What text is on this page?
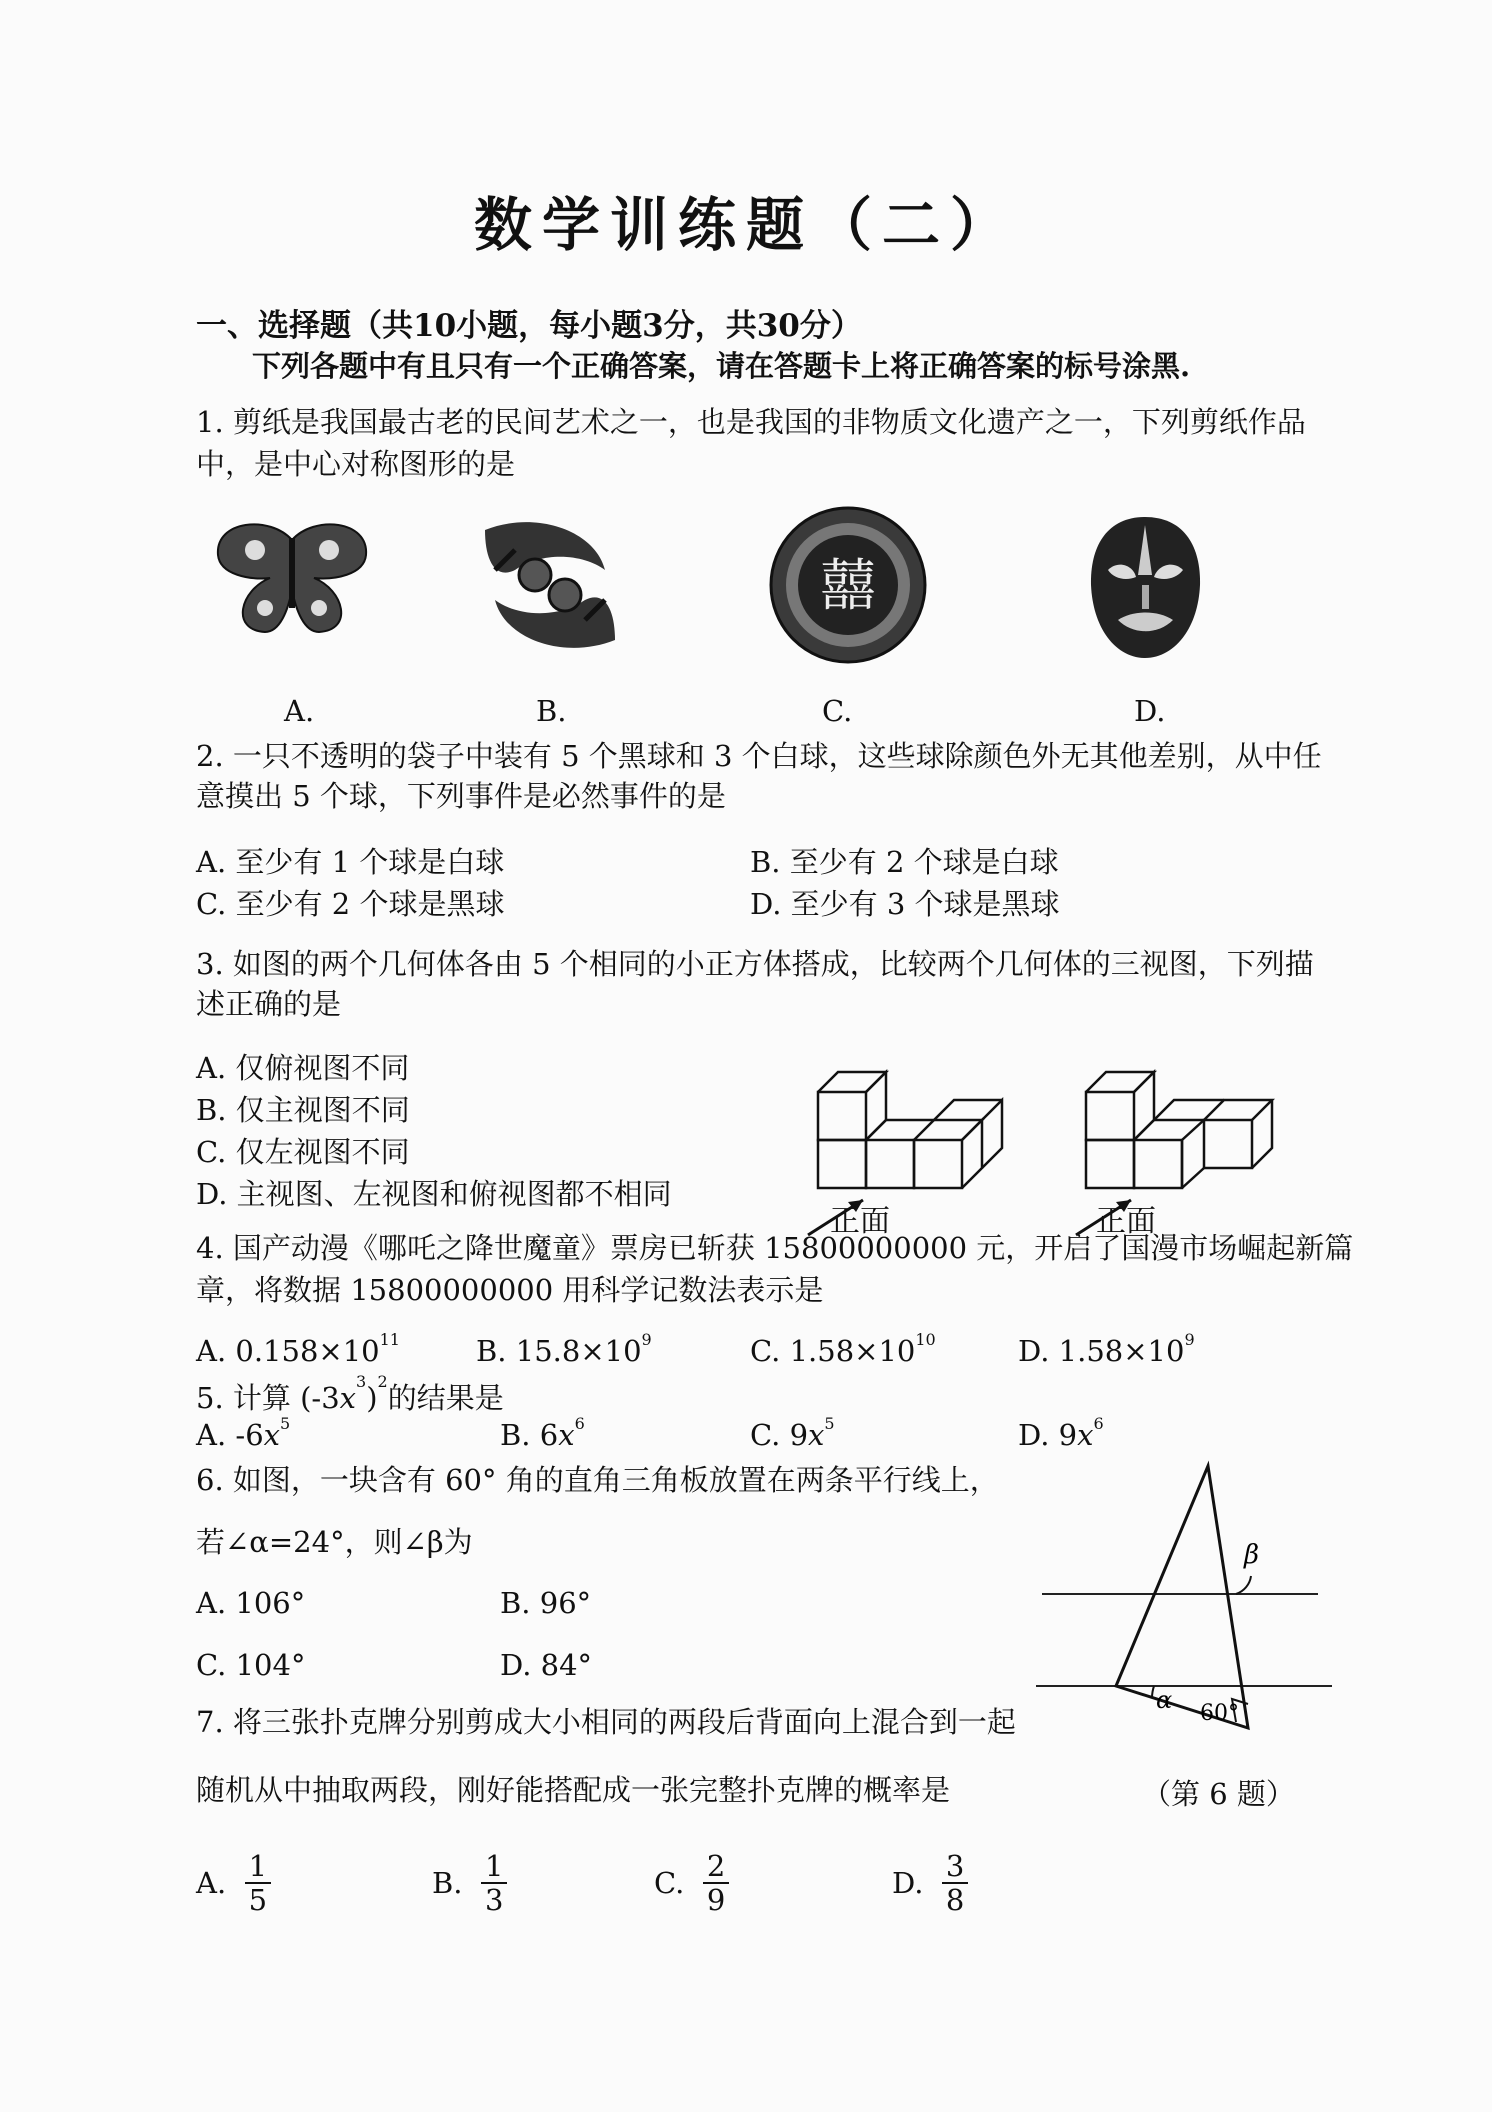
数学训练题（二）
一、选择题（共10小题，每小题3分，共30分）
下列各题中有且只有一个正确答案，请在答题卡上将正确答案的标号涂黑.
1. 剪纸是我国最古老的民间艺术之一，也是我国的非物质文化遗产之一，下列剪纸作品
中，是中心对称图形的是
囍
A.	B.	C.	D.
2. 一只不透明的袋子中装有 5 个黑球和 3 个白球，这些球除颜色外无其他差别，从中任
意摸出 5 个球，下列事件是必然事件的是
A. 至少有 1 个球是白球	B. 至少有 2 个球是白球
C. 至少有 2 个球是黑球	D. 至少有 3 个球是黑球
3. 如图的两个几何体各由 5 个相同的小正方体搭成，比较两个几何体的三视图，下列描
述正确的是
A. 仅俯视图不同
B. 仅主视图不同
C. 仅左视图不同
D. 主视图、左视图和俯视图都不相同
正面	正面
4. 国产动漫《哪吒之降世魔童》票房已斩获 15800000000 元，开启了国漫市场崛起新篇
章，将数据 15800000000 用科学记数法表示是
A. $0.158\times 10^{11}$	B. $15.8\times 10^9$	C. $1.58\times 10^{10}$	D. $1.58\times 10^9$
5. 计算 $(-3x^3)^2$的结果是
A. $-6x^5$	B. $6x^6$	C. $9x^5$	D. $9x^6$
6. 如图，一块含有 60° 角的直角三角板放置在两条平行线上，
若∠α=24°，则∠β为
A. 106°	B. 96°
C. 104°	D. 84°
β
α 60°
7. 将三张扑克牌分别剪成大小相同的两段后背面向上混合到一起
随机从中抽取两段，刚好能搭配成一张完整扑克牌的概率是	（第 6 题）
A. $\frac{1}{5}$	B. $\frac{1}{3}$	C. $\frac{2}{9}$	D. $\frac{3}{8}$
